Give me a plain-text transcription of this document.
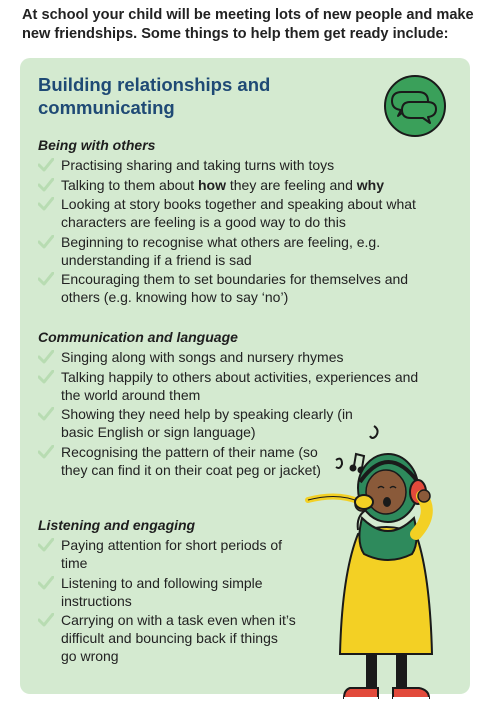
At school your child will be meeting lots of new people and make new friendships. Some things to help them get ready include:
Building relationships and
communicating
Being with others
Practising sharing and taking turns with toys
Talking to them about how they are feeling and why
Looking at story books together and speaking about what characters are feeling is a good way to do this
Beginning to recognise what others are feeling, e.g. understanding if a friend is sad
Encouraging them to set boundaries for themselves and others (e.g. knowing how to say ‘no’)
Communication and language
Singing along with songs and nursery rhymes
Talking happily to others about activities, experiences and the world around them
Showing they need help by speaking clearly (in basic English or sign language)
Recognising the pattern of their name (so they can find it on their coat peg or jacket)
Listening and engaging
Paying attention for short periods of time
Listening to and following simple instructions
Carrying on with a task even when it’s difficult and bouncing back if things go wrong
